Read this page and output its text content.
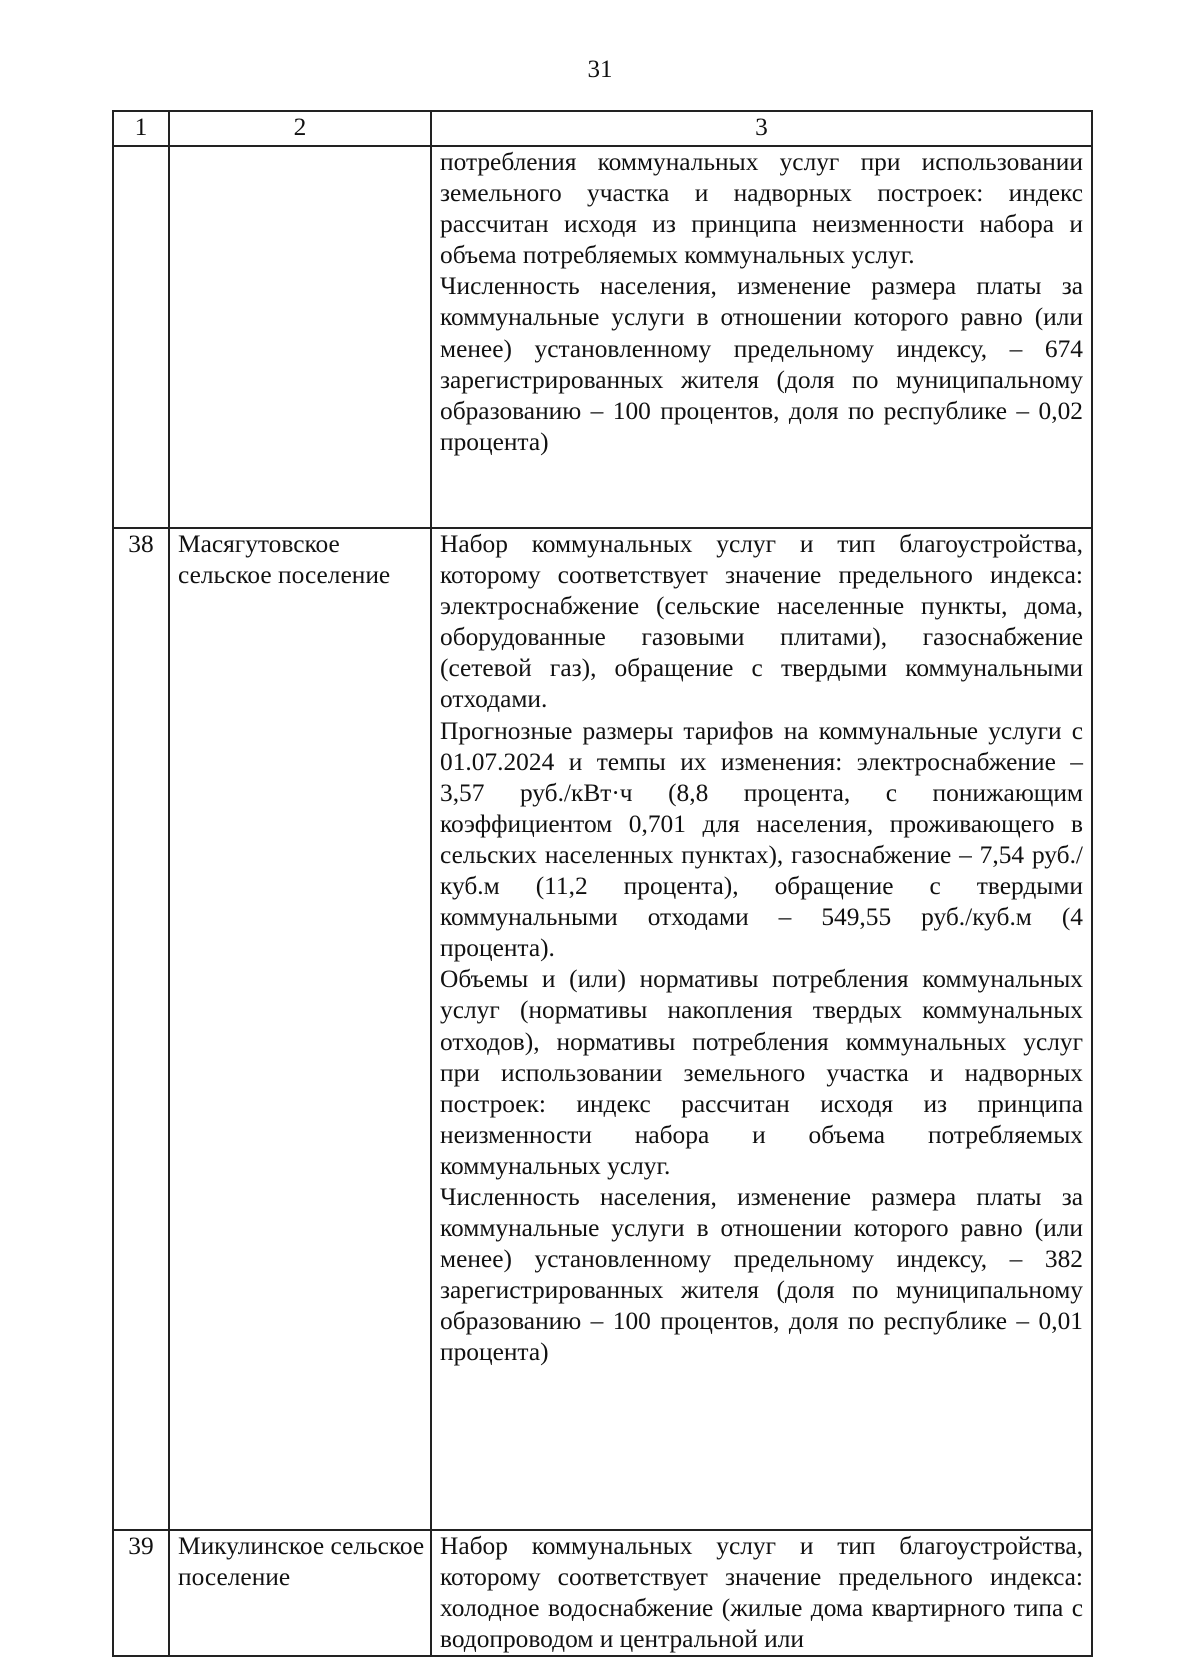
31
1	2	3

		потребления коммунальных услуг при использовании земельного участка и надворных построек: индекс рассчитан исходя из принципа неизменности набора и объема потребляемых коммунальных услуг.

Численность населения, изменение размера платы за коммунальные услуги в отношении которого равно (или менее) установленному предельному индексу, – 674 зарегистрированных жителя (доля по муниципальному образованию – 100 процентов, доля по республике – 0,02 процента)

38	Масягутовское сельское поселение	Набор коммунальных услуг и тип благоустройства, которому соответствует значение предельного индекса: электроснабжение (сельские населенные пункты, дома, оборудованные газовыми плитами), газоснабжение (сетевой газ), обращение с твердыми коммунальными отходами.

Прогнозные размеры тарифов на коммунальные услуги с 01.07.2024 и темпы их изменения: электроснабжение – 3,57 руб./кВт·ч (8,8 процента, с понижающим коэффициентом 0,701 для населения, проживающего в сельских населенных пунктах), газоснабжение – 7,54 руб./куб.м (11,2 процента), обращение с твердыми коммунальными отходами – 549,55 руб./куб.м (4 процента).

Объемы и (или) нормативы потребления коммунальных услуг (нормативы накопления твердых коммунальных отходов), нормативы потребления коммунальных услуг при использовании земельного участка и надворных построек: индекс рассчитан исходя из принципа неизменности набора и объема потребляемых коммунальных услуг.

Численность населения, изменение размера платы за коммунальные услуги в отношении которого равно (или менее) установленному предельному индексу, – 382 зарегистрированных жителя (доля по муниципальному образованию – 100 процентов, доля по республике – 0,01 процента)

39	Микулинское сельское поселение	Набор коммунальных услуг и тип благоустройства, которому соответствует значение предельного индекса: холодное водоснабжение (жилые дома квартирного типа с водопроводом и центральной или
